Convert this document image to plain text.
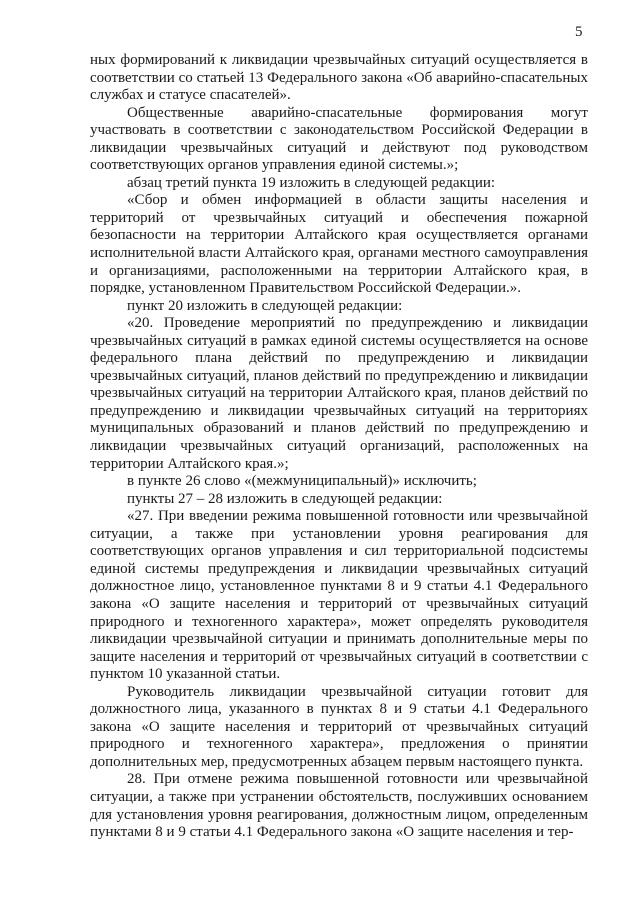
5

ных формирований к ликвидации чрезвычайных ситуаций осуществляется в соответствии со статьей 13 Федерального закона «Об аварийно-спасательных службах и статусе спасателей».

Общественные аварийно-спасательные формирования могут участвовать в соответствии с законодательством Российской Федерации в ликвидации чрезвычайных ситуаций и действуют под руководством соответствующих органов управления единой системы.»;

абзац третий пункта 19 изложить в следующей редакции:

«Сбор и обмен информацией в области защиты населения и территорий от чрезвычайных ситуаций и обеспечения пожарной безопасности на территории Алтайского края осуществляется органами исполнительной власти Алтайского края, органами местного самоуправления и организациями, расположенными на территории Алтайского края, в порядке, установленном Правительством Российской Федерации.».

пункт 20 изложить в следующей редакции:

«20. Проведение мероприятий по предупреждению и ликвидации чрезвычайных ситуаций в рамках единой системы осуществляется на основе федерального плана действий по предупреждению и ликвидации чрезвычайных ситуаций, планов действий по предупреждению и ликвидации чрезвычайных ситуаций на территории Алтайского края, планов действий по предупреждению и ликвидации чрезвычайных ситуаций на территориях муниципальных образований и планов действий по предупреждению и ликвидации чрезвычайных ситуаций организаций, расположенных на территории Алтайского края.»;

в пункте 26 слово «(межмуниципальный)» исключить;

пункты 27 – 28 изложить в следующей редакции:

«27. При введении режима повышенной готовности или чрезвычайной ситуации, а также при установлении уровня реагирования для соответствующих органов управления и сил территориальной подсистемы единой системы предупреждения и ликвидации чрезвычайных ситуаций должностное лицо, установленное пунктами 8 и 9 статьи 4.1 Федерального закона «О защите населения и территорий от чрезвычайных ситуаций природного и техногенного характера», может определять руководителя ликвидации чрезвычайной ситуации и принимать дополнительные меры по защите населения и территорий от чрезвычайных ситуаций в соответствии с пунктом 10 указанной статьи.

Руководитель ликвидации чрезвычайной ситуации готовит для должностного лица, указанного в пунктах 8 и 9 статьи 4.1 Федерального закона «О защите населения и территорий от чрезвычайных ситуаций природного и техногенного характера», предложения о принятии дополнительных мер, предусмотренных абзацем первым настоящего пункта.

28. При отмене режима повышенной готовности или чрезвычайной ситуации, а также при устранении обстоятельств, послуживших основанием для установления уровня реагирования, должностным лицом, определенным пунктами 8 и 9 статьи 4.1 Федерального закона «О защите населения и тер-
